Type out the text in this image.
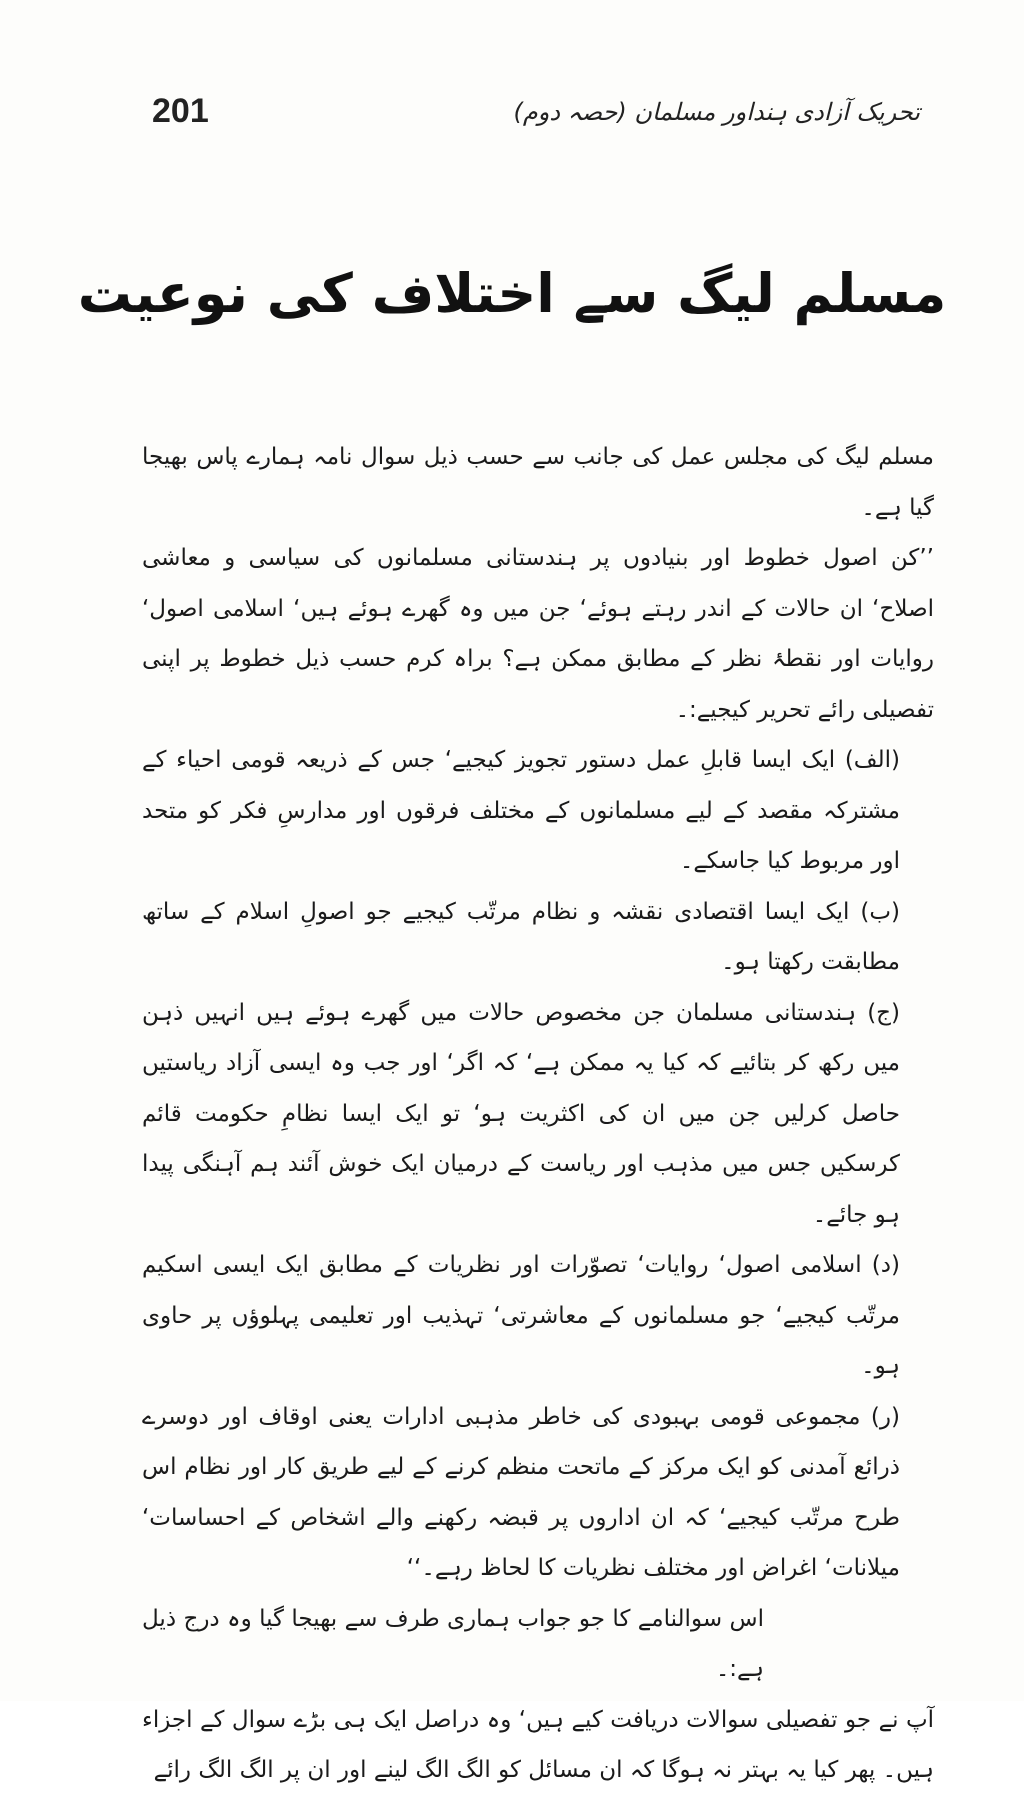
201	تحریک آزادی ہنداور مسلمان (حصہ دوم)
مسلم لیگ سے اختلاف کی نوعیت

مسلم لیگ کی مجلس عمل کی جانب سے حسب ذیل سوال نامہ ہمارے پاس بھیجا گیا ہے۔

’’کن اصول خطوط اور بنیادوں پر ہندستانی مسلمانوں کی سیاسی و معاشی اصلاح‘ ان حالات کے اندر رہتے ہوئے‘ جن میں وہ گھرے ہوئے ہیں‘ اسلامی اصول‘ روایات اور نقطۂ نظر کے مطابق ممکن ہے؟ براہ کرم حسب ذیل خطوط پر اپنی تفصیلی رائے تحریر کیجیے:۔

(الف) ایک ایسا قابلِ عمل دستور تجویز کیجیے‘ جس کے ذریعہ قومی احیاء کے مشترکہ مقصد کے لیے مسلمانوں کے مختلف فرقوں اور مدارسِ فکر کو متحد اور مربوط کیا جاسکے۔

(ب) ایک ایسا اقتصادی نقشہ و نظام مرتّب کیجیے جو اصولِ اسلام کے ساتھ مطابقت رکھتا ہو۔

(ج) ہندستانی مسلمان جن مخصوص حالات میں گھرے ہوئے ہیں انہیں ذہن میں رکھ کر بتائیے کہ کیا یہ ممکن ہے‘ کہ اگر‘ اور جب وہ ایسی آزاد ریاستیں حاصل کرلیں جن میں ان کی اکثریت ہو‘ تو ایک ایسا نظامِ حکومت قائم کرسکیں جس میں مذہب اور ریاست کے درمیان ایک خوش آئند ہم آہنگی پیدا ہو جائے۔

(د) اسلامی اصول‘ روایات‘ تصوّرات اور نظریات کے مطابق ایک ایسی اسکیم مرتّب کیجیے‘ جو مسلمانوں کے معاشرتی‘ تہذیب اور تعلیمی پہلوؤں پر حاوی ہو۔

(ر) مجموعی قومی بہبودی کی خاطر مذہبی ادارات یعنی اوقاف اور دوسرے ذرائع آمدنی کو ایک مرکز کے ماتحت منظم کرنے کے لیے طریق کار اور نظام اس طرح مرتّب کیجیے‘ کہ ان اداروں پر قبضہ رکھنے والے اشخاص کے احساسات‘ میلانات‘ اغراض اور مختلف نظریات کا لحاظ رہے۔‘‘

اس سوالنامے کا جو جواب ہماری طرف سے بھیجا گیا وہ درج ذیل ہے:۔

آپ نے جو تفصیلی سوالات دریافت کیے ہیں‘ وہ دراصل ایک ہی بڑے سوال کے اجزاء ہیں۔ پھر کیا یہ بہتر نہ ہوگا کہ ان مسائل کو الگ الگ لینے اور ان پر الگ الگ رائے
